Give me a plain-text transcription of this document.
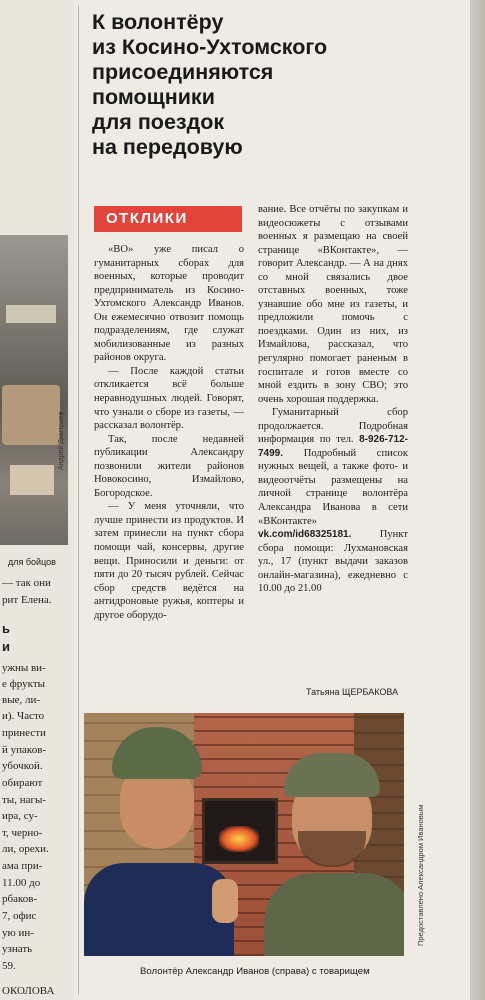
для бойцов
— так они
рит Елена.
ь
и
ужны ви-
е фрукты
вые, ли-
и). Часто
принести
й упаков-
убочкой.
обирают
ты, нагы-
ира, су-
т, черно-
ли, орехи.
ама при-
11.00 до
рбаков-
7, офис
ую ин-
узнать
59.
ОКОЛОВА
Андрей Дмитриев
К волонтёру
из Косино-Ухтомского
присоединяются
помощники
для поездок
на передовую
ОТКЛИКИ

«ВО» уже писал о гуманитарных сборах для военных, которые проводит предприниматель из Косино-Ухтомского Александр Иванов. Он ежемесячно отвозит помощь подразделениям, где служат мобилизованные из разных районов округа.

— После каждой статьи откликается всё больше неравнодушных людей. Говорят, что узнали о сборе из газеты, — рассказал волонтёр.

Так, после недавней публикации Александру позвонили жители районов Новокосино, Измайлово, Богородское.

— У меня уточняли, что лучше принести из продуктов. И затем принесли на пункт сбора помощи чай, консервы, другие вещи. Приносили и деньги: от пяти до 20 тысяч рублей. Сейчас сбор средств ведётся на антидроновые ружья, коптеры и другое оборудо-

вание. Все отчёты по закупкам и видеосюжеты с отзывами военных я размещаю на своей странице «ВКонтакте», — говорит Александр. — А на днях со мной связались двое отставных военных, тоже узнавшие обо мне из газеты, и предложили помочь с поездками. Один из них, из Измайлова, рассказал, что регулярно помогает раненым в госпитале и готов вместе со мной ездить в зону СВО; это очень хорошая поддержка.

Гуманитарный сбор продолжается. Подробная информация по тел. 8-926-712-7499. Подробный список нужных вещей, а также фото- и видеоотчёты размещены на личной странице волонтёра Александра Иванова в сети «ВКонтакте» vk.com/id68325181.	Пункт сбора помощи: Лухмановская ул., 17 (пункт выдачи заказов онлайн-магазина), ежедневно с 10.00 до 21.00

Татьяна ЩЕРБАКОВА
Предоставлено Александром Ивановым
Волонтёр Александр Иванов (справа) с товарищем
